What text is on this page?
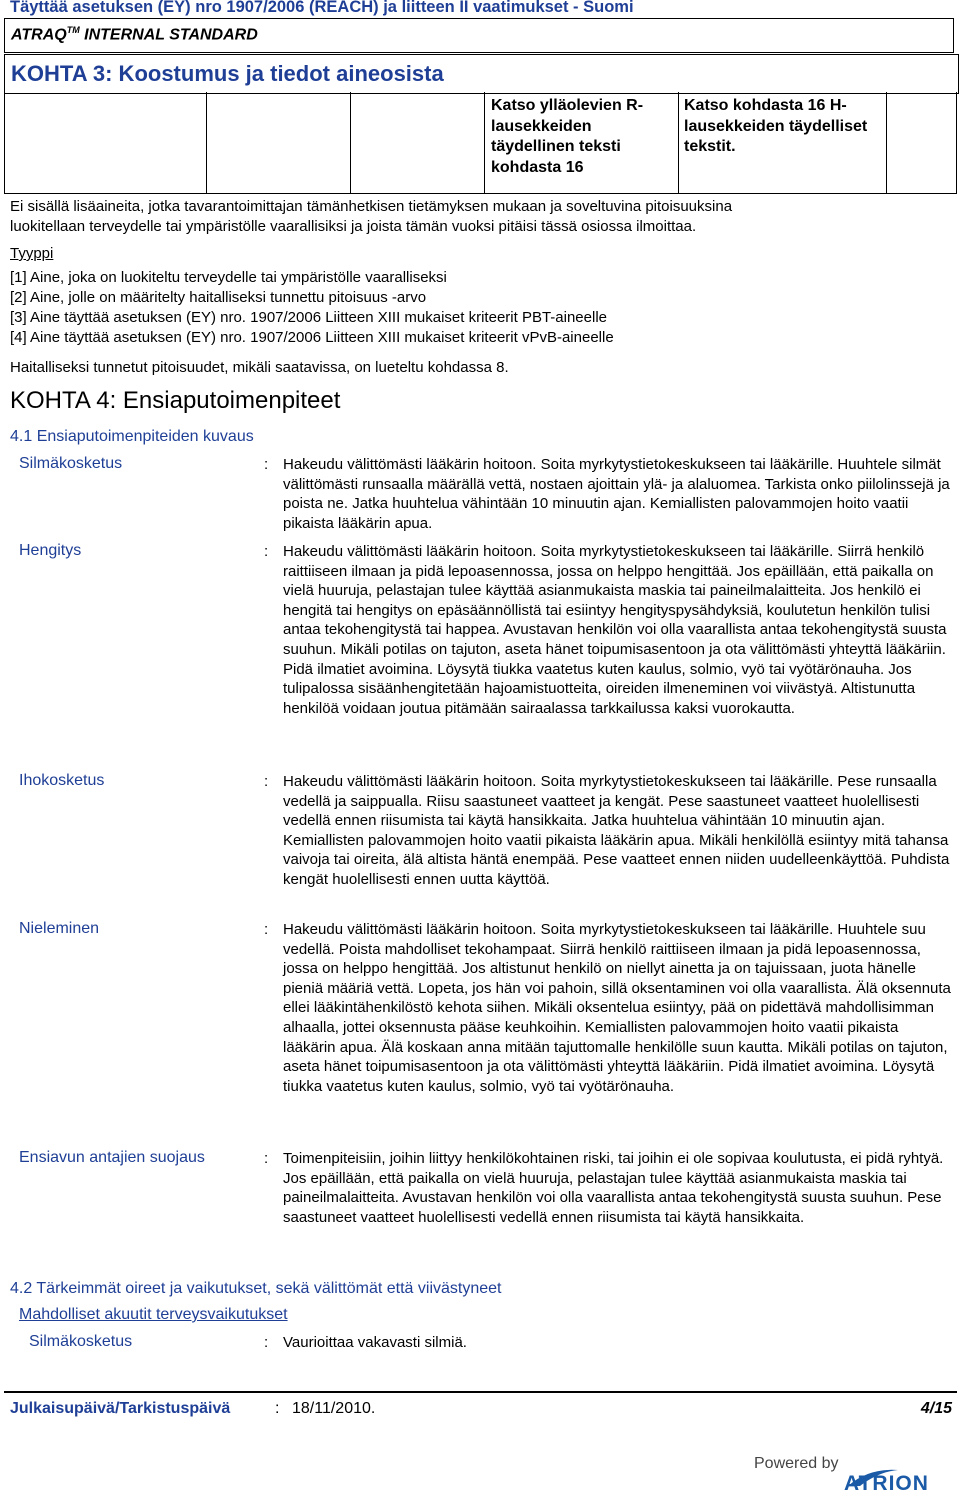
Täyttää asetuksen (EY) nro 1907/2006 (REACH) ja liitteen II vaatimukset - Suomi
ATRAQ™ INTERNAL STANDARD
KOHTA 3: Koostumus ja tiedot aineosista
Katso ylläolevien R-lausekkeiden täydellinen teksti kohdasta 16
Katso kohdasta 16 H-lausekkeiden täydelliset tekstit.
Ei sisällä lisäaineita, jotka tavarantoimittajan tämänhetkisen tietämyksen mukaan ja soveltuvina pitoisuuksina
luokitellaan terveydelle tai ympäristölle vaarallisiksi ja joista tämän vuoksi pitäisi tässä osiossa ilmoittaa.
Tyyppi
[1] Aine, joka on luokiteltu terveydelle tai ympäristölle vaaralliseksi
[2] Aine, jolle on määritelty haitalliseksi tunnettu pitoisuus -arvo
[3] Aine täyttää asetuksen (EY) nro. 1907/2006 Liitteen XIII mukaiset kriteerit PBT-aineelle
[4] Aine täyttää asetuksen (EY) nro. 1907/2006 Liitteen XIII mukaiset kriteerit vPvB-aineelle
Haitalliseksi tunnetut pitoisuudet, mikäli saatavissa, on lueteltu kohdassa 8.
KOHTA 4: Ensiaputoimenpiteet
4.1 Ensiaputoimenpiteiden kuvaus
Silmäkosketus	: Hakeudu välittömästi lääkärin hoitoon. Soita myrkytystietokeskukseen tai lääkärille. Huuhtele silmät välittömästi runsaalla määrällä vettä, nostaen ajoittain ylä- ja alaluomea. Tarkista onko piilolinssejä ja poista ne. Jatka huuhtelua vähintään 10 minuutin ajan. Kemiallisten palovammojen hoito vaatii pikaista lääkärin apua.
Hengitys	: Hakeudu välittömästi lääkärin hoitoon. Soita myrkytystietokeskukseen tai lääkärille. Siirrä henkilö raittiiseen ilmaan ja pidä lepoasennossa, jossa on helppo hengittää. Jos epäillään, että paikalla on vielä huuruja, pelastajan tulee käyttää asianmukaista maskia tai paineilmalaitteita. Jos henkilö ei hengitä tai hengitys on epäsäännöllistä tai esiintyy hengityspysähdyksiä, koulutetun henkilön tulisi antaa tekohengitystä tai happea. Avustavan henkilön voi olla vaarallista antaa tekohengitystä suusta suuhun. Mikäli potilas on tajuton, aseta hänet toipumisasentoon ja ota välittömästi yhteyttä lääkäriin. Pidä ilmatiet avoimina. Löysytä tiukka vaatetus kuten kaulus, solmio, vyö tai vyötärönauha. Jos tulipalossa sisäänhengitetään hajoamistuotteita, oireiden ilmeneminen voi viivästyä. Altistunutta henkilöä voidaan joutua pitämään sairaalassa tarkkailussa kaksi vuorokautta.
Ihokosketus	: Hakeudu välittömästi lääkärin hoitoon. Soita myrkytystietokeskukseen tai lääkärille. Pese runsaalla vedellä ja saippualla. Riisu saastuneet vaatteet ja kengät. Pese saastuneet vaatteet huolellisesti vedellä ennen riisumista tai käytä hansikkaita. Jatka huuhtelua vähintään 10 minuutin ajan. Kemiallisten palovammojen hoito vaatii pikaista lääkärin apua. Mikäli henkilöllä esiintyy mitä tahansa vaivoja tai oireita, älä altista häntä enempää. Pese vaatteet ennen niiden uudelleenkäyttöä. Puhdista kengät huolellisesti ennen uutta käyttöä.
Nieleminen	: Hakeudu välittömästi lääkärin hoitoon. Soita myrkytystietokeskukseen tai lääkärille. Huuhtele suu vedellä. Poista mahdolliset tekohampaat. Siirrä henkilö raittiiseen ilmaan ja pidä lepoasennossa, jossa on helppo hengittää. Jos altistunut henkilö on niellyt ainetta ja on tajuissaan, juota hänelle pieniä määriä vettä. Lopeta, jos hän voi pahoin, sillä oksentaminen voi olla vaarallista. Älä oksennuta ellei lääkintähenkilöstö kehota siihen. Mikäli oksentelua esiintyy, pää on pidettävä mahdollisimman alhaalla, jottei oksennusta pääse keuhkoihin. Kemiallisten palovammojen hoito vaatii pikaista lääkärin apua. Älä koskaan anna mitään tajuttomalle henkilölle suun kautta. Mikäli potilas on tajuton, aseta hänet toipumisasentoon ja ota välittömästi yhteyttä lääkäriin. Pidä ilmatiet avoimina. Löysytä tiukka vaatetus kuten kaulus, solmio, vyö tai vyötärönauha.
Ensiavun antajien suojaus	: Toimenpiteisiin, joihin liittyy henkilökohtainen riski, tai joihin ei ole sopivaa koulutusta, ei pidä ryhtyä. Jos epäillään, että paikalla on vielä huuruja, pelastajan tulee käyttää asianmukaista maskia tai paineilmalaitteita. Avustavan henkilön voi olla vaarallista antaa tekohengitystä suusta suuhun. Pese saastuneet vaatteet huolellisesti vedellä ennen riisumista tai käytä hansikkaita.
4.2 Tärkeimmät oireet ja vaikutukset, sekä välittömät että viivästyneet
Mahdolliset akuutit terveysvaikutukset
Silmäkosketus	: Vaurioittaa vakavasti silmiä.
Julkaisupäivä/Tarkistuspäivä	: 18/11/2010.	4/15
Powered by
ATRION
